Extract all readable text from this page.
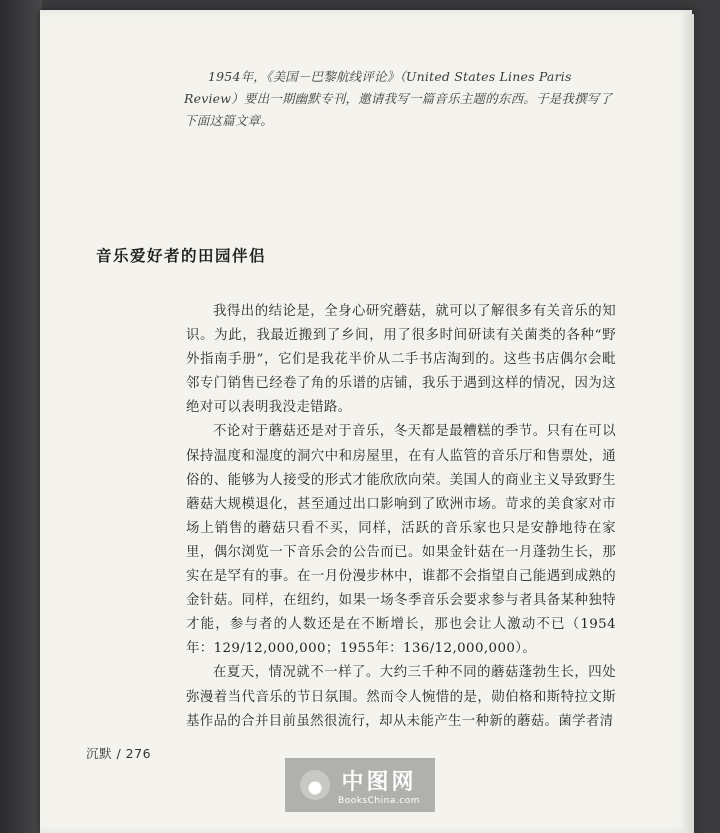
1954年，《美国－巴黎航线评论》（United States Lines Paris Review）要出一期幽默专刊，邀请我写一篇音乐主题的东西。于是我撰写了下面这篇文章。

音乐爱好者的田园伴侣

我得出的结论是，全身心研究蘑菇，就可以了解很多有关音乐的知识。为此，我最近搬到了乡间，用了很多时间研读有关菌类的各种“野外指南手册”，它们是我花半价从二手书店淘到的。这些书店偶尔会毗邻专门销售已经卷了角的乐谱的店铺，我乐于遇到这样的情况，因为这绝对可以表明我没走错路。

不论对于蘑菇还是对于音乐，冬天都是最糟糕的季节。只有在可以保持温度和湿度的洞穴中和房屋里，在有人监管的音乐厅和售票处，通俗的、能够为人接受的形式才能欣欣向荣。美国人的商业主义导致野生蘑菇大规模退化，甚至通过出口影响到了欧洲市场。苛求的美食家对市场上销售的蘑菇只看不买，同样，活跃的音乐家也只是安静地待在家里，偶尔浏览一下音乐会的公告而已。如果金针菇在一月蓬勃生长，那实在是罕有的事。在一月份漫步林中，谁都不会指望自己能遇到成熟的金针菇。同样，在纽约，如果一场冬季音乐会要求参与者具备某种独特才能，参与者的人数还是在不断增长，那也会让人激动不已（1954年：129/12,000,000；1955年：136/12,000,000）。

在夏天，情况就不一样了。大约三千种不同的蘑菇蓬勃生长，四处弥漫着当代音乐的节日氛围。然而令人惋惜的是，勋伯格和斯特拉文斯基作品的合并目前虽然很流行，却从未能产生一种新的蘑菇。菌学者清

沉默 / 276
中图网
BooksChina.com
